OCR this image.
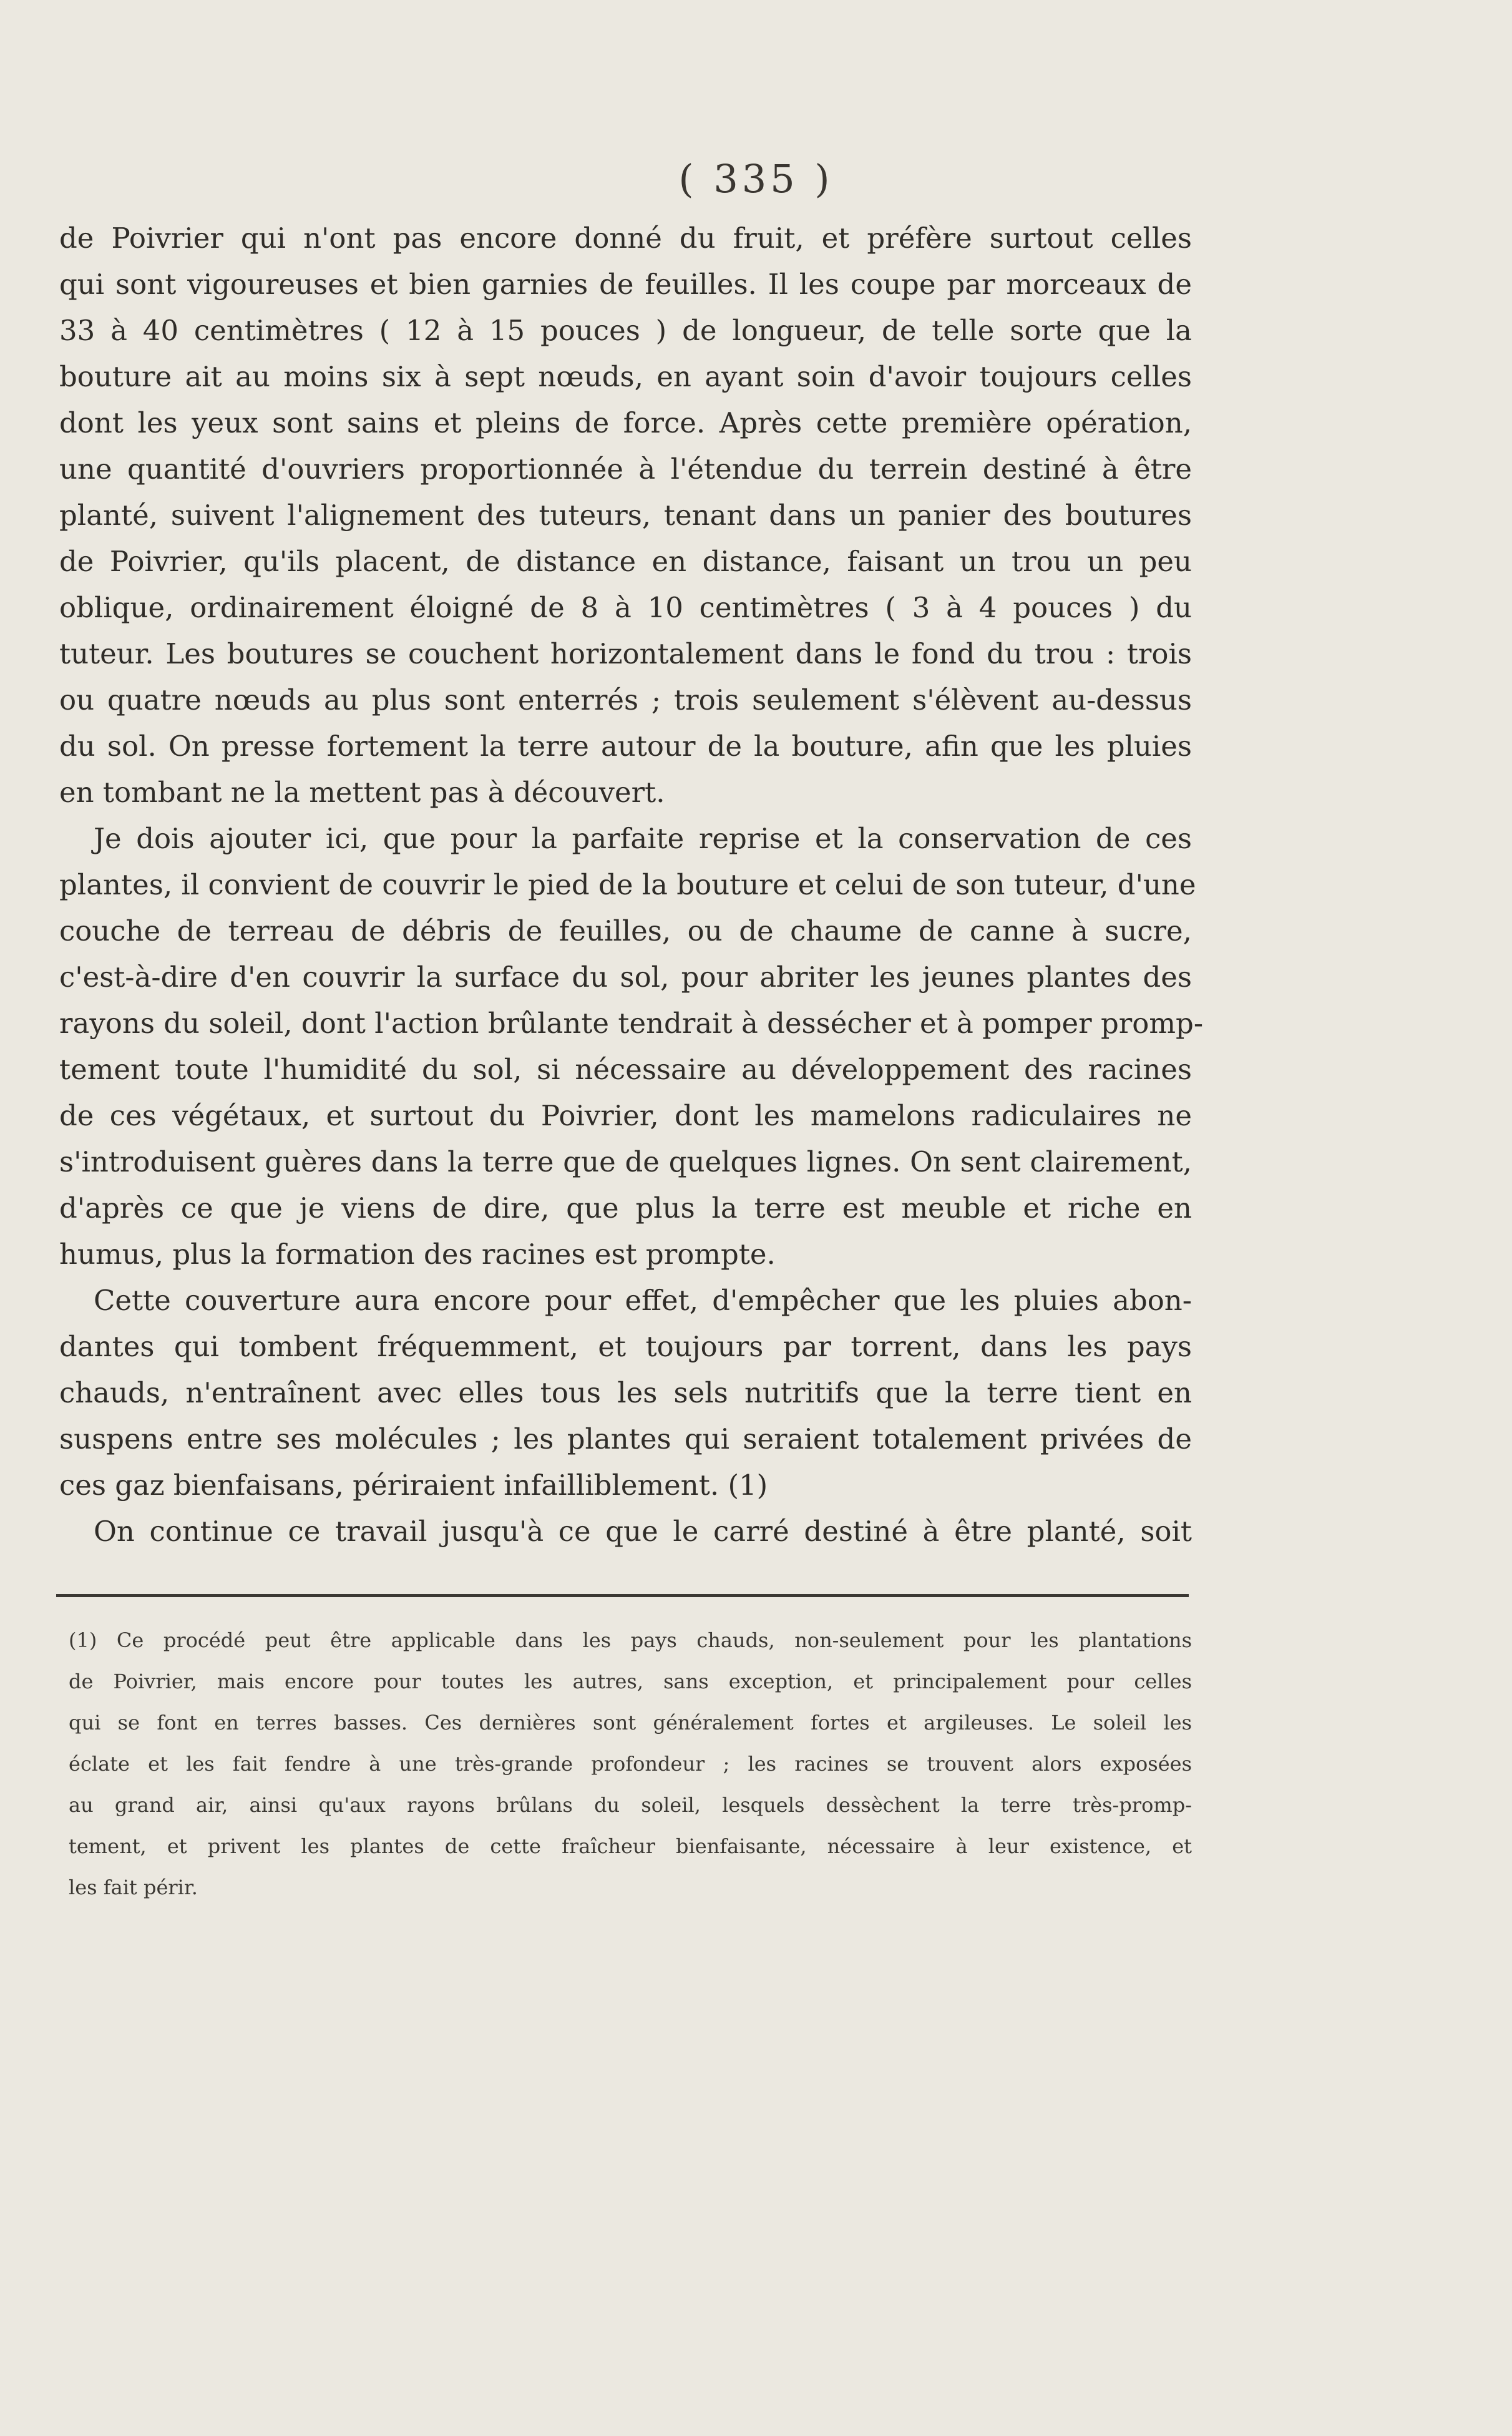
( 335 )
de Poivrier qui n'ont pas encore donné du fruit, et préfère surtout celles
qui sont vigoureuses et bien garnies de feuilles. Il les coupe par morceaux de
33 à 40 centimètres ( 12 à 15 pouces ) de longueur, de telle sorte que la
bouture ait au moins six à sept nœuds, en ayant soin d'avoir toujours celles
dont les yeux sont sains et pleins de force. Après cette première opération,
une quantité d'ouvriers proportionnée à l'étendue du terrein destiné à être
planté, suivent l'alignement des tuteurs, tenant dans un panier des boutures
de Poivrier, qu'ils placent, de distance en distance, faisant un trou un peu
oblique, ordinairement éloigné de 8 à 10 centimètres ( 3 à 4 pouces ) du
tuteur. Les boutures se couchent horizontalement dans le fond du trou : trois
ou quatre nœuds au plus sont enterrés ; trois seulement s'élèvent au-dessus
du sol. On presse fortement la terre autour de la bouture, afin que les pluies
en tombant ne la mettent pas à découvert.
Je dois ajouter ici, que pour la parfaite reprise et la conservation de ces
plantes, il convient de couvrir le pied de la bouture et celui de son tuteur, d'une
couche de terreau de débris de feuilles, ou de chaume de canne à sucre,
c'est-à-dire d'en couvrir la surface du sol, pour abriter les jeunes plantes des
rayons du soleil, dont l'action brûlante tendrait à dessécher et à pomper promp-
tement toute l'humidité du sol, si nécessaire au développement des racines
de ces végétaux, et surtout du Poivrier, dont les mamelons radiculaires ne
s'introduisent guères dans la terre que de quelques lignes. On sent clairement,
d'après ce que je viens de dire, que plus la terre est meuble et riche en
humus, plus la formation des racines est prompte.
Cette couverture aura encore pour effet, d'empêcher que les pluies abon-
dantes qui tombent fréquemment, et toujours par torrent, dans les pays
chauds, n'entraînent avec elles tous les sels nutritifs que la terre tient en
suspens entre ses molécules ; les plantes qui seraient totalement privées de
ces gaz bienfaisans, périraient infailliblement. (1)
On continue ce travail jusqu'à ce que le carré destiné à être planté, soit
(1) Ce procédé peut être applicable dans les pays chauds, non-seulement pour les plantations
de Poivrier, mais encore pour toutes les autres, sans exception, et principalement pour celles
qui se font en terres basses. Ces dernières sont généralement fortes et argileuses. Le soleil les
éclate et les fait fendre à une très-grande profondeur ; les racines se trouvent alors exposées
au grand air, ainsi qu'aux rayons brûlans du soleil, lesquels dessèchent la terre très-promp-
tement, et privent les plantes de cette fraîcheur bienfaisante, nécessaire à leur existence, et
les fait périr.
